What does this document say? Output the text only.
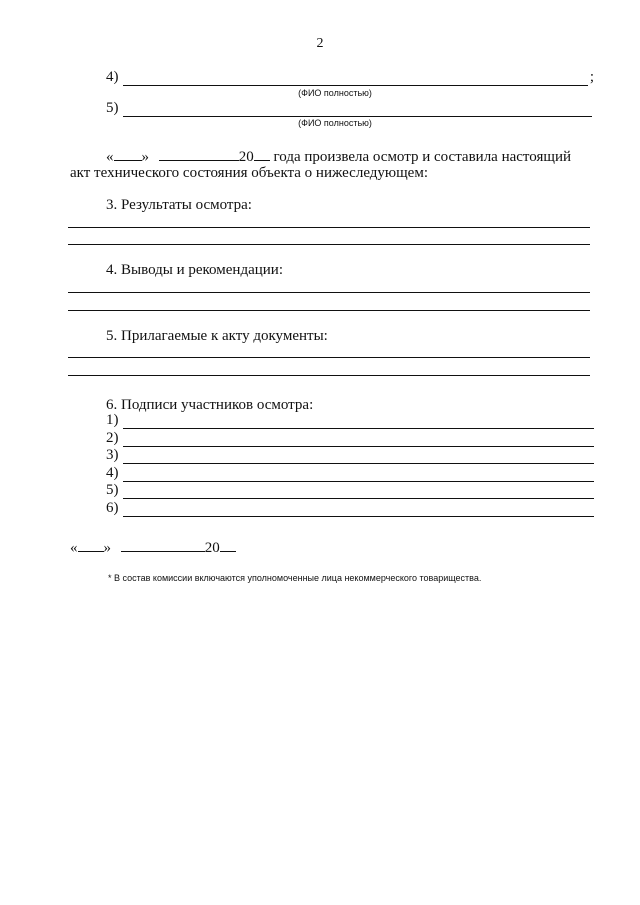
2
4)	;
(ФИО полностью)
5)
(ФИО полностью)
« »	20 года произвела осмотр и составила настоящий
акт технического состояния объекта о нижеследующем:
3. Результаты осмотра:
4. Выводы и рекомендации:
5. Прилагаемые к акту документы:
6. Подписи участников осмотра:
1)
2)
3)
4)
5)
6)
« »	20
* В состав комиссии включаются уполномоченные лица некоммерческого товарищества.
